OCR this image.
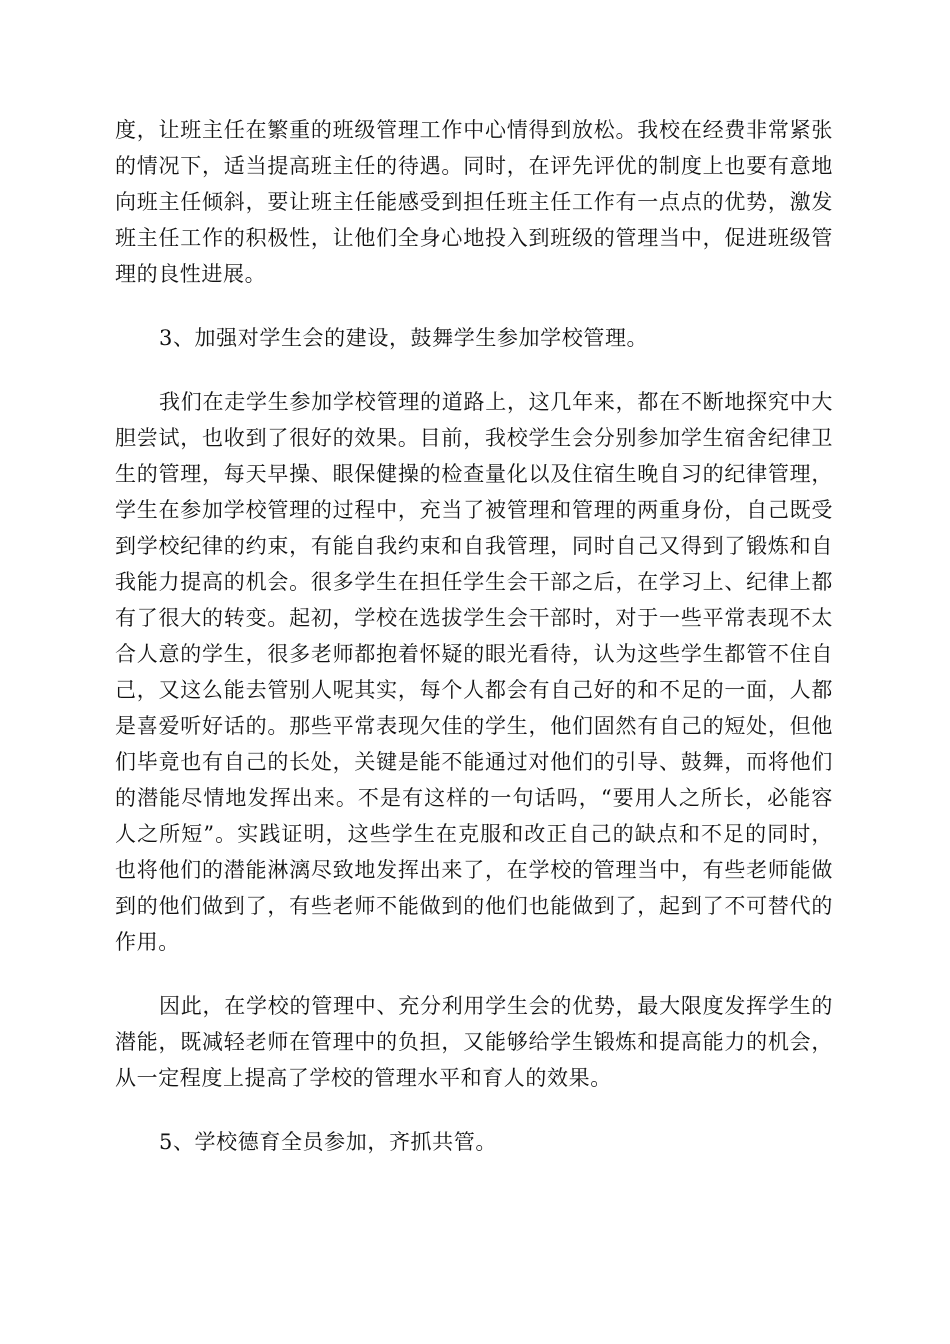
度，让班主任在繁重的班级管理工作中心情得到放松。我校在经费非常紧张的情况下，适当提高班主任的待遇。同时，在评先评优的制度上也要有意地向班主任倾斜，要让班主任能感受到担任班主任工作有一点点的优势，激发班主任工作的积极性，让他们全身心地投入到班级的管理当中，促进班级管理的良性进展。

3、加强对学生会的建设，鼓舞学生参加学校管理。

我们在走学生参加学校管理的道路上，这几年来，都在不断地探究中大胆尝试，也收到了很好的效果。目前，我校学生会分别参加学生宿舍纪律卫生的管理，每天早操、眼保健操的检查量化以及住宿生晚自习的纪律管理，学生在参加学校管理的过程中，充当了被管理和管理的两重身份，自己既受到学校纪律的约束，有能自我约束和自我管理，同时自己又得到了锻炼和自我能力提高的机会。很多学生在担任学生会干部之后，在学习上、纪律上都有了很大的转变。起初，学校在选拔学生会干部时，对于一些平常表现不太合人意的学生，很多老师都抱着怀疑的眼光看待，认为这些学生都管不住自己，又这么能去管别人呢其实，每个人都会有自己好的和不足的一面，人都是喜爱听好话的。那些平常表现欠佳的学生，他们固然有自己的短处，但他们毕竟也有自己的长处，关键是能不能通过对他们的引导、鼓舞，而将他们的潜能尽情地发挥出来。不是有这样的一句话吗，“要用人之所长，必能容人之所短”。实践证明，这些学生在克服和改正自己的缺点和不足的同时，也将他们的潜能淋漓尽致地发挥出来了，在学校的管理当中，有些老师能做到的他们做到了，有些老师不能做到的他们也能做到了，起到了不可替代的作用。

因此，在学校的管理中、充分利用学生会的优势，最大限度发挥学生的潜能，既减轻老师在管理中的负担，又能够给学生锻炼和提高能力的机会，从一定程度上提高了学校的管理水平和育人的效果。

5、学校德育全员参加，齐抓共管。
